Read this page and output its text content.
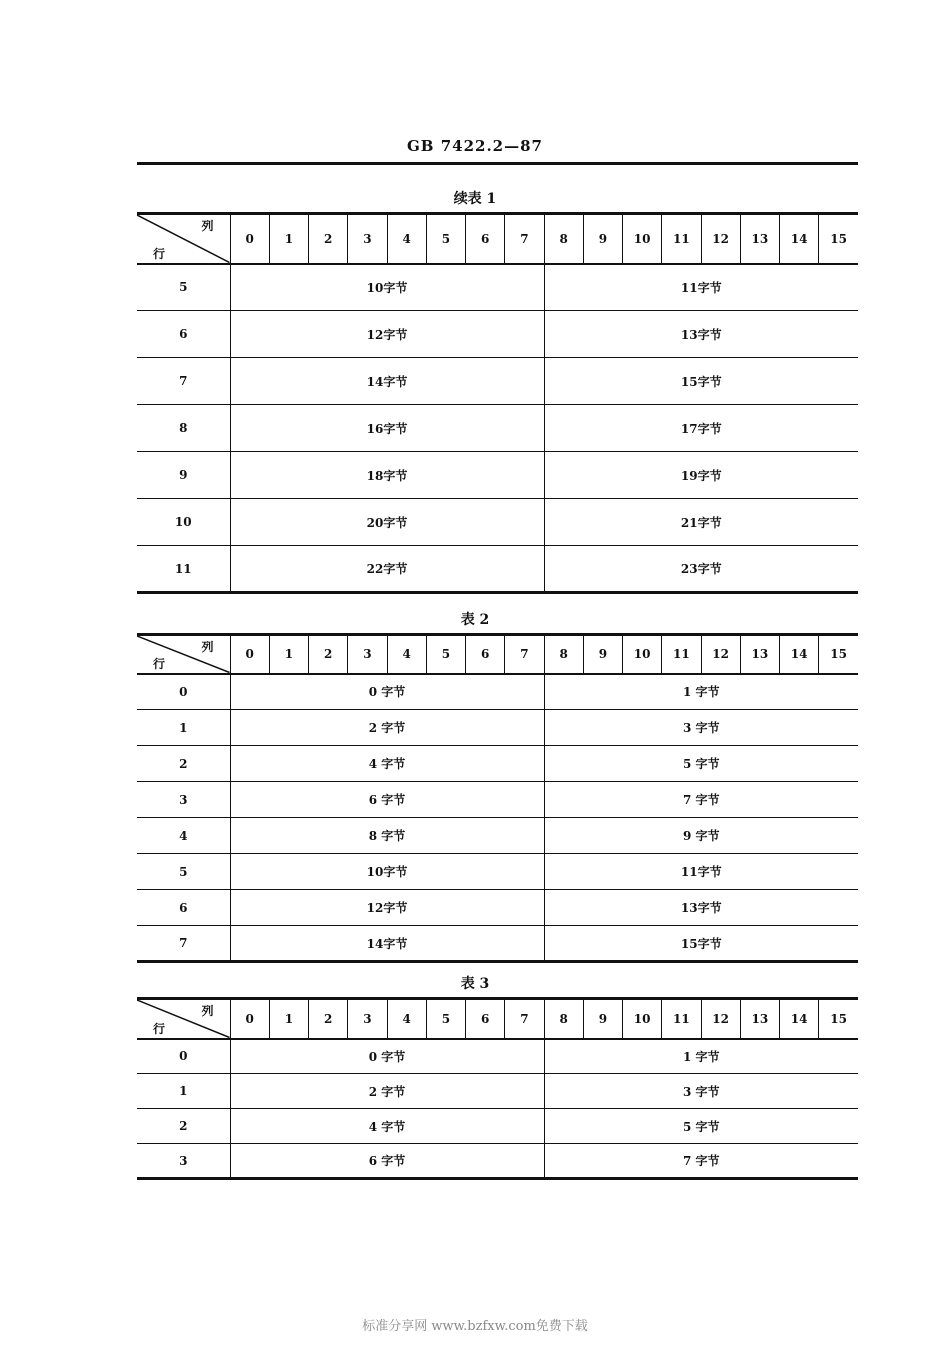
GB 7422.2—87
续表 1
列
行	0	1	2	3	4	5	6	7	8	9	10	11	12	13	14	15
5	10字节								11字节							
6	12字节								13字节							
7	14字节								15字节							
8	16字节								17字节							
9	18字节								19字节							
10	20字节								21字节							
11	22字节								23字节							
表 2
列
行	0	1	2	3	4	5	6	7	8	9	10	11	12	13	14	15
0	0 字节								1 字节							
1	2 字节								3 字节							
2	4 字节								5 字节							
3	6 字节								7 字节							
4	8 字节								9 字节							
5	10字节								11字节							
6	12字节								13字节							
7	14字节								15字节							
表 3
列
行	0	1	2	3	4	5	6	7	8	9	10	11	12	13	14	15
0	0 字节								1 字节							
1	2 字节								3 字节							
2	4 字节								5 字节							
3	6 字节								7 字节							
标准分享网 www.bzfxw.com免费下载
